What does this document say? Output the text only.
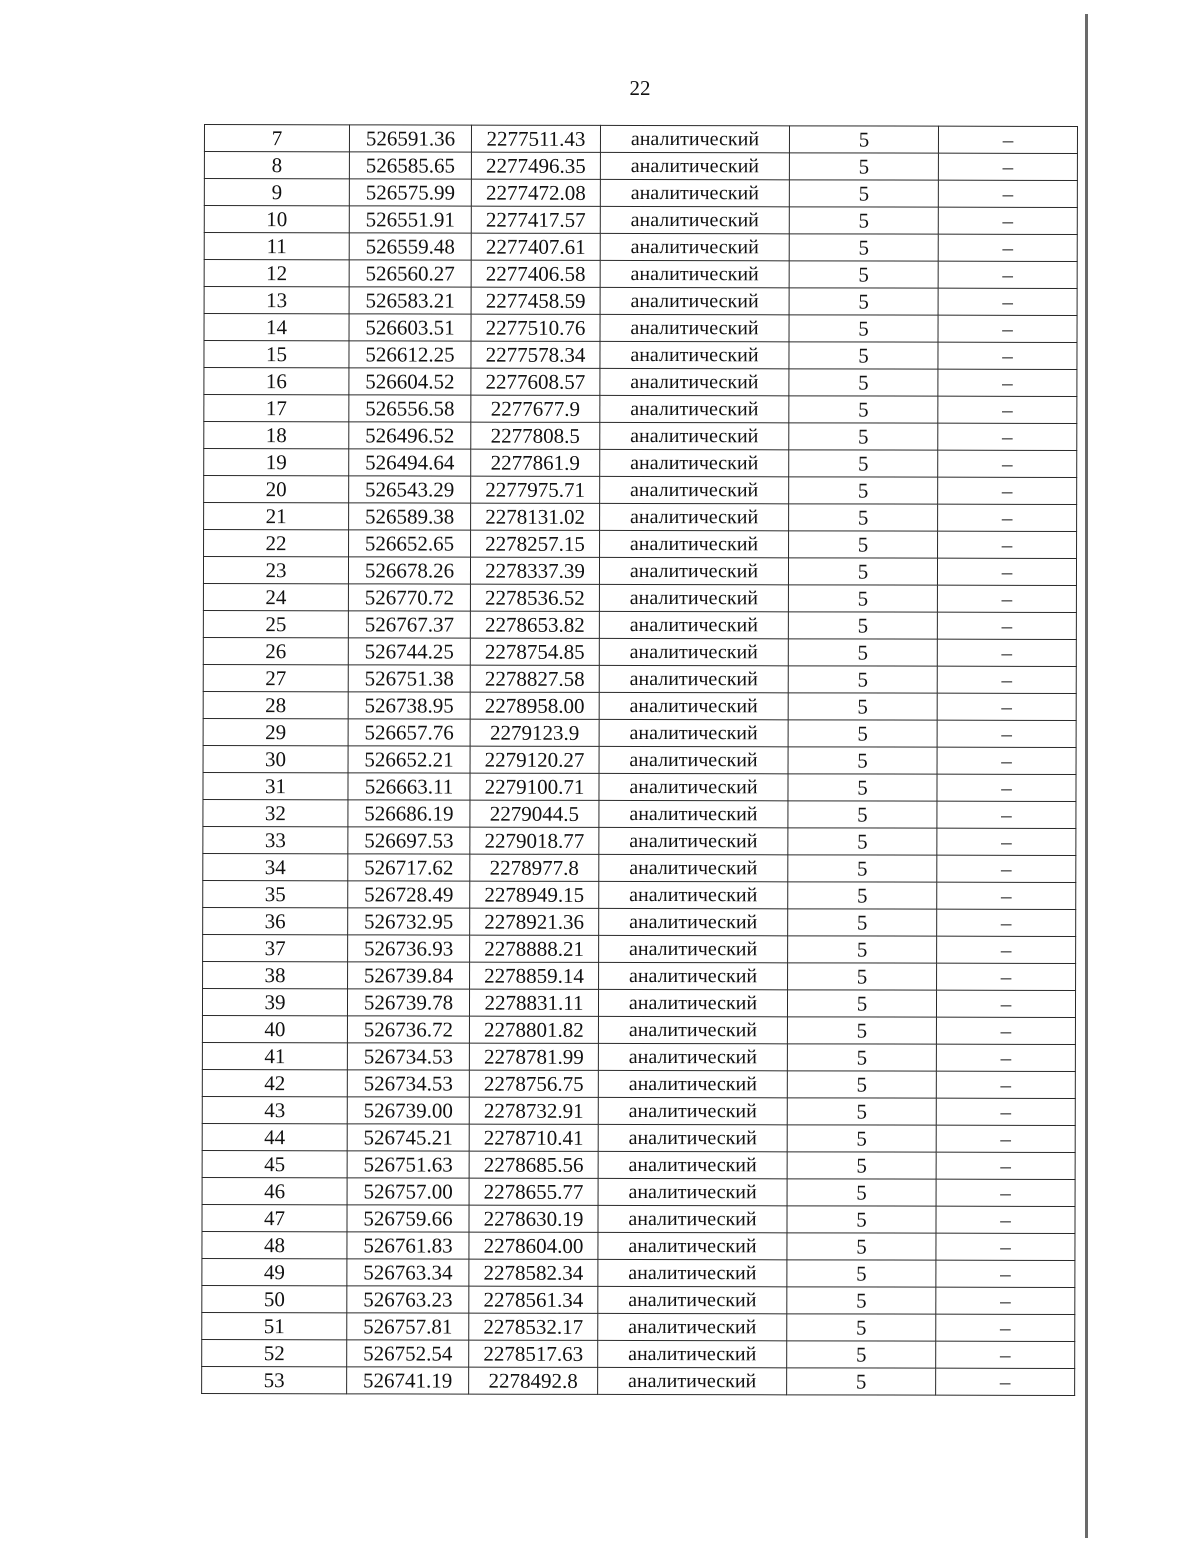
22
7	526591.36	2277511.43	аналитический	5	–
8	526585.65	2277496.35	аналитический	5	–
9	526575.99	2277472.08	аналитический	5	–
10	526551.91	2277417.57	аналитический	5	–
11	526559.48	2277407.61	аналитический	5	–
12	526560.27	2277406.58	аналитический	5	–
13	526583.21	2277458.59	аналитический	5	–
14	526603.51	2277510.76	аналитический	5	–
15	526612.25	2277578.34	аналитический	5	–
16	526604.52	2277608.57	аналитический	5	–
17	526556.58	2277677.9	аналитический	5	–
18	526496.52	2277808.5	аналитический	5	–
19	526494.64	2277861.9	аналитический	5	–
20	526543.29	2277975.71	аналитический	5	–
21	526589.38	2278131.02	аналитический	5	–
22	526652.65	2278257.15	аналитический	5	–
23	526678.26	2278337.39	аналитический	5	–
24	526770.72	2278536.52	аналитический	5	–
25	526767.37	2278653.82	аналитический	5	–
26	526744.25	2278754.85	аналитический	5	–
27	526751.38	2278827.58	аналитический	5	–
28	526738.95	2278958.00	аналитический	5	–
29	526657.76	2279123.9	аналитический	5	–
30	526652.21	2279120.27	аналитический	5	–
31	526663.11	2279100.71	аналитический	5	–
32	526686.19	2279044.5	аналитический	5	–
33	526697.53	2279018.77	аналитический	5	–
34	526717.62	2278977.8	аналитический	5	–
35	526728.49	2278949.15	аналитический	5	–
36	526732.95	2278921.36	аналитический	5	–
37	526736.93	2278888.21	аналитический	5	–
38	526739.84	2278859.14	аналитический	5	–
39	526739.78	2278831.11	аналитический	5	–
40	526736.72	2278801.82	аналитический	5	–
41	526734.53	2278781.99	аналитический	5	–
42	526734.53	2278756.75	аналитический	5	–
43	526739.00	2278732.91	аналитический	5	–
44	526745.21	2278710.41	аналитический	5	–
45	526751.63	2278685.56	аналитический	5	–
46	526757.00	2278655.77	аналитический	5	–
47	526759.66	2278630.19	аналитический	5	–
48	526761.83	2278604.00	аналитический	5	–
49	526763.34	2278582.34	аналитический	5	–
50	526763.23	2278561.34	аналитический	5	–
51	526757.81	2278532.17	аналитический	5	–
52	526752.54	2278517.63	аналитический	5	–
53	526741.19	2278492.8	аналитический	5	–
